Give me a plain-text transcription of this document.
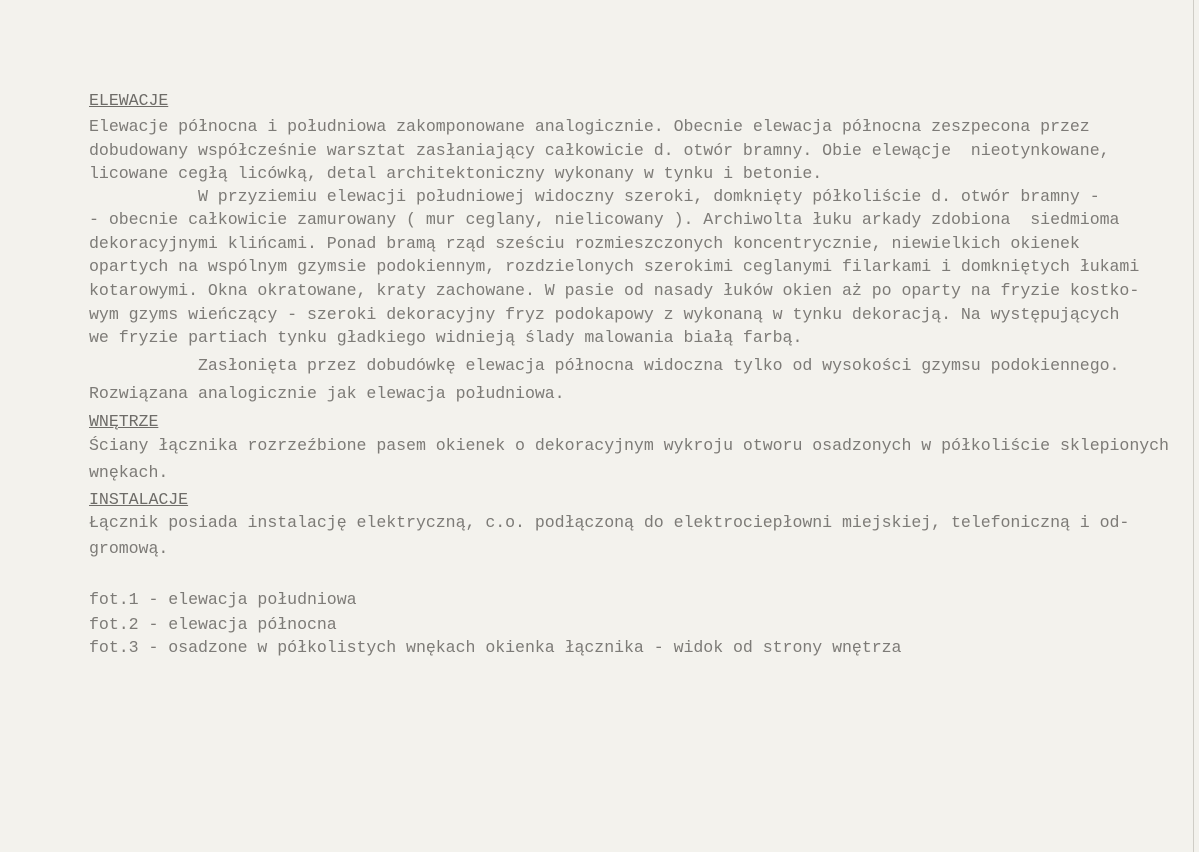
ELEWACJE
Elewacje północna i południowa zakomponowane analogicznie. Obecnie elewacja północna zeszpecona przez
dobudowany współcześnie warsztat zasłaniający całkowicie d. otwór bramny. Obie elewącje  nieotynkowane,
licowane cegłą licówką, detal architektoniczny wykonany w tynku i betonie.
W przyziemiu elewacji południowej widoczny szeroki, domknięty półkoliście d. otwór bramny -
- obecnie całkowicie zamurowany ( mur ceglany, nielicowany ). Archiwolta łuku arkady zdobiona  siedmioma
dekoracyjnymi klińcami. Ponad bramą rząd sześciu rozmieszczonych koncentrycznie, niewielkich okienek
opartych na wspólnym gzymsie podokiennym, rozdzielonych szerokimi ceglanymi filarkami i domkniętych łukami
kotarowymi. Okna okratowane, kraty zachowane. W pasie od nasady łuków okien aż po oparty na fryzie kostko-
wym gzyms wieńczący - szeroki dekoracyjny fryz podokapowy z wykonaną w tynku dekoracją. Na występujących
we fryzie partiach tynku gładkiego widnieją ślady malowania białą farbą.
Zasłonięta przez dobudówkę elewacja północna widoczna tylko od wysokości gzymsu podokiennego.
Rozwiązana analogicznie jak elewacja południowa.
WNĘTRZE
Ściany łącznika rozrzeźbione pasem okienek o dekoracyjnym wykroju otworu osadzonych w półkoliście sklepionych
wnękach.
INSTALACJE
Łącznik posiada instalację elektryczną, c.o. podłączoną do elektrociepłowni miejskiej, telefoniczną i od-
gromową.
fot.1 - elewacja południowa
fot.2 - elewacja północna
fot.3 - osadzone w półkolistych wnękach okienka łącznika - widok od strony wnętrza
